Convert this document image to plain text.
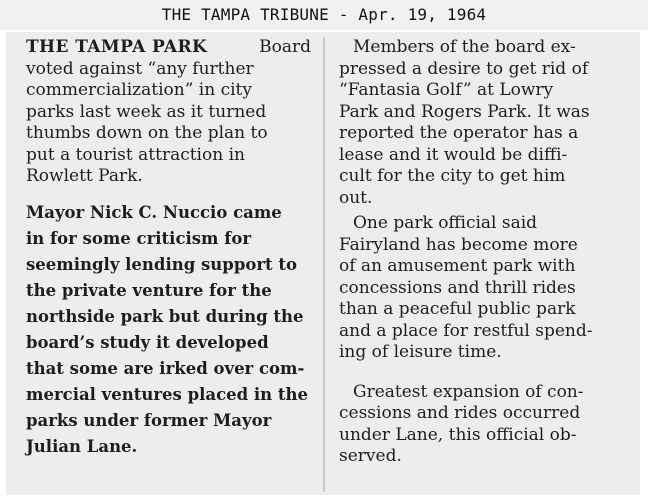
THE TAMPA TRIBUNE - Apr. 19, 1964

THE TAMPA PARK	Board
voted against “any further
commercialization” in city
parks last week as it turned
thumbs down on the plan to
put a tourist attraction in
Rowlett Park.

Mayor Nick C. Nuccio came
in for some criticism for
seemingly lending support to
the private venture for the
northside park but during the
board’s study it developed
that some are irked over com-
mercial ventures placed in the
parks under former Mayor
Julian Lane.

Members of the board ex-
pressed a desire to get rid of
“Fantasia Golf” at Lowry
Park and Rogers Park. It was
reported the operator has a
lease and it would be diffi-
cult for the city to get him
out.

One park official said
Fairyland has become more
of an amusement park with
concessions and thrill rides
than a peaceful public park
and a place for restful spend-
ing of leisure time.

Greatest expansion of con-
cessions and rides occurred
under Lane, this official ob-
served.
